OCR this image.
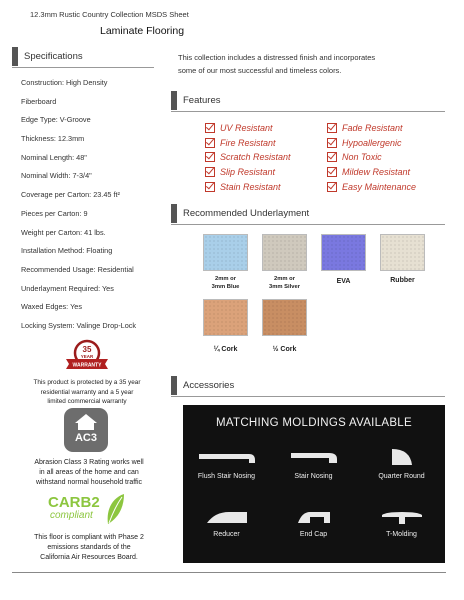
12.3mm Rustic Country Collection MSDS Sheet
Laminate Flooring
Specifications
Construction: High Density
Fiberboard
Edge Type: V-Groove
Thickness: 12.3mm
Nominal Length: 48"
Nominal Width: 7-3/4"
Coverage per Carton: 23.45 ft²
Pieces per Carton: 9
Weight per Carton: 41 lbs.
Installation Method: Floating
Recommended Usage: Residential
Underlayment Required: Yes
Waxed Edges: Yes
Locking System: Valinge Drop-Lock
35
YEAR
WARRANTY
This product is protected by a 35 year
residential warranty and a 5 year
limited commercial warranty
AC3
Abrasion Class 3 Rating works well
in all areas of the home and can
withstand normal household traffic
CARB2
compliant
This floor is compliant with Phase 2
emissions standards of the
California Air Resources Board.
This collection includes a distressed finish and incorporates
some of our most successful and timeless colors.
Features
UV Resistant
Fire Resistant
Scratch Resistant
Slip Resistant
Stain Resistant
Fade Resistant
Hypoallergenic
Non Toxic
Mildew Resistant
Easy Maintenance
Recommended Underlayment
2mm or
3mm Blue
2mm or
3mm Silver
EVA	Rubber
¼ Cork	½ Cork
Accessories
MATCHING MOLDINGS AVAILABLE
Flush Stair Nosing	Stair Nosing	Quarter Round
Reducer	End Cap	T-Molding
